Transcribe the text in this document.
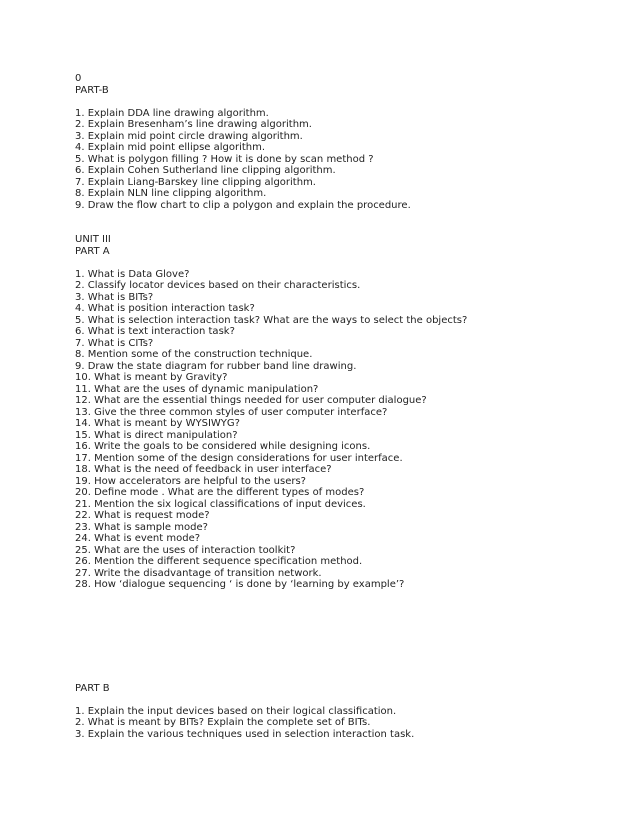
0
PART-B
1. Explain DDA line drawing algorithm.
2. Explain Bresenham’s line drawing algorithm.
3. Explain mid point circle drawing algorithm.
4. Explain mid point ellipse algorithm.
5. What is polygon filling ? How it is done by scan method ?
6. Explain Cohen Sutherland line clipping algorithm.
7. Explain Liang-Barskey line clipping algorithm.
8. Explain NLN line clipping algorithm.
9. Draw the flow chart to clip a polygon and explain the procedure.
UNIT III
PART A
1. What is Data Glove?
2. Classify locator devices based on their characteristics.
3. What is BITs?
4. What is position interaction task?
5. What is selection interaction task? What are the ways to select the objects?
6. What is text interaction task?
7. What is CITs?
8. Mention some of the construction technique.
9. Draw the state diagram for rubber band line drawing.
10. What is meant by Gravity?
11. What are the uses of dynamic manipulation?
12. What are the essential things needed for user computer dialogue?
13. Give the three common styles of user computer interface?
14. What is meant by WYSIWYG?
15. What is direct manipulation?
16. Write the goals to be considered while designing icons.
17. Mention some of the design considerations for user interface.
18. What is the need of feedback in user interface?
19. How accelerators are helpful to the users?
20. Define mode . What are the different types of modes?
21. Mention the six logical classifications of input devices.
22. What is request mode?
23. What is sample mode?
24. What is event mode?
25. What are the uses of interaction toolkit?
26. Mention the different sequence specification method.
27. Write the disadvantage of transition network.
28. How ‘dialogue sequencing ‘ is done by ‘learning by example’?
PART B
1. Explain the input devices based on their logical classification.
2. What is meant by BITs? Explain the complete set of BITs.
3. Explain the various techniques used in selection interaction task.
